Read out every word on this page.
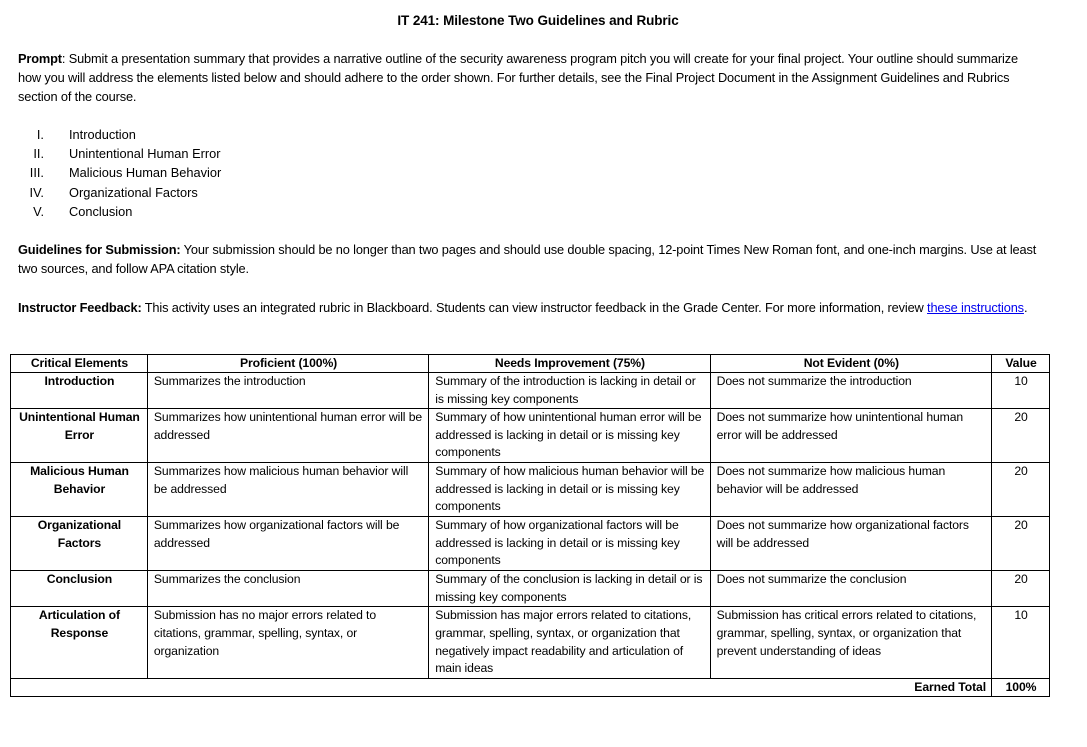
IT 241: Milestone Two Guidelines and Rubric

Prompt: Submit a presentation summary that provides a narrative outline of the security awareness program pitch you will create for your final project. Your outline should summarize how you will address the elements listed below and should adhere to the order shown. For further details, see the Final Project Document in the Assignment Guidelines and Rubrics section of the course.

I.	Introduction
II.	Unintentional Human Error
III.	Malicious Human Behavior
IV.	Organizational Factors
V.	Conclusion

Guidelines for Submission: Your submission should be no longer than two pages and should use double spacing, 12-point Times New Roman font, and one-inch margins. Use at least two sources, and follow APA citation style.

Instructor Feedback: This activity uses an integrated rubric in Blackboard. Students can view instructor feedback in the Grade Center. For more information, review these instructions.

Critical Elements	Proficient (100%)	Needs Improvement (75%)	Not Evident (0%)	Value
Introduction	Summarizes the introduction	Summary of the introduction is lacking in detail or is missing key components	Does not summarize the introduction	10
Unintentional Human Error	Summarizes how unintentional human error will be addressed	Summary of how unintentional human error will be addressed is lacking in detail or is missing key components	Does not summarize how unintentional human error will be addressed	20
Malicious Human Behavior	Summarizes how malicious human behavior will be addressed	Summary of how malicious human behavior will be addressed is lacking in detail or is missing key components	Does not summarize how malicious human behavior will be addressed	20
Organizational Factors	Summarizes how organizational factors will be addressed	Summary of how organizational factors will be addressed is lacking in detail or is missing key components	Does not summarize how organizational factors will be addressed	20
Conclusion	Summarizes the conclusion	Summary of the conclusion is lacking in detail or is missing key components	Does not summarize the conclusion	20
Articulation of Response	Submission has no major errors related to citations, grammar, spelling, syntax, or organization	Submission has major errors related to citations, grammar, spelling, syntax, or organization that negatively impact readability and articulation of main ideas	Submission has critical errors related to citations, grammar, spelling, syntax, or organization that prevent understanding of ideas	10
Earned Total				100%
